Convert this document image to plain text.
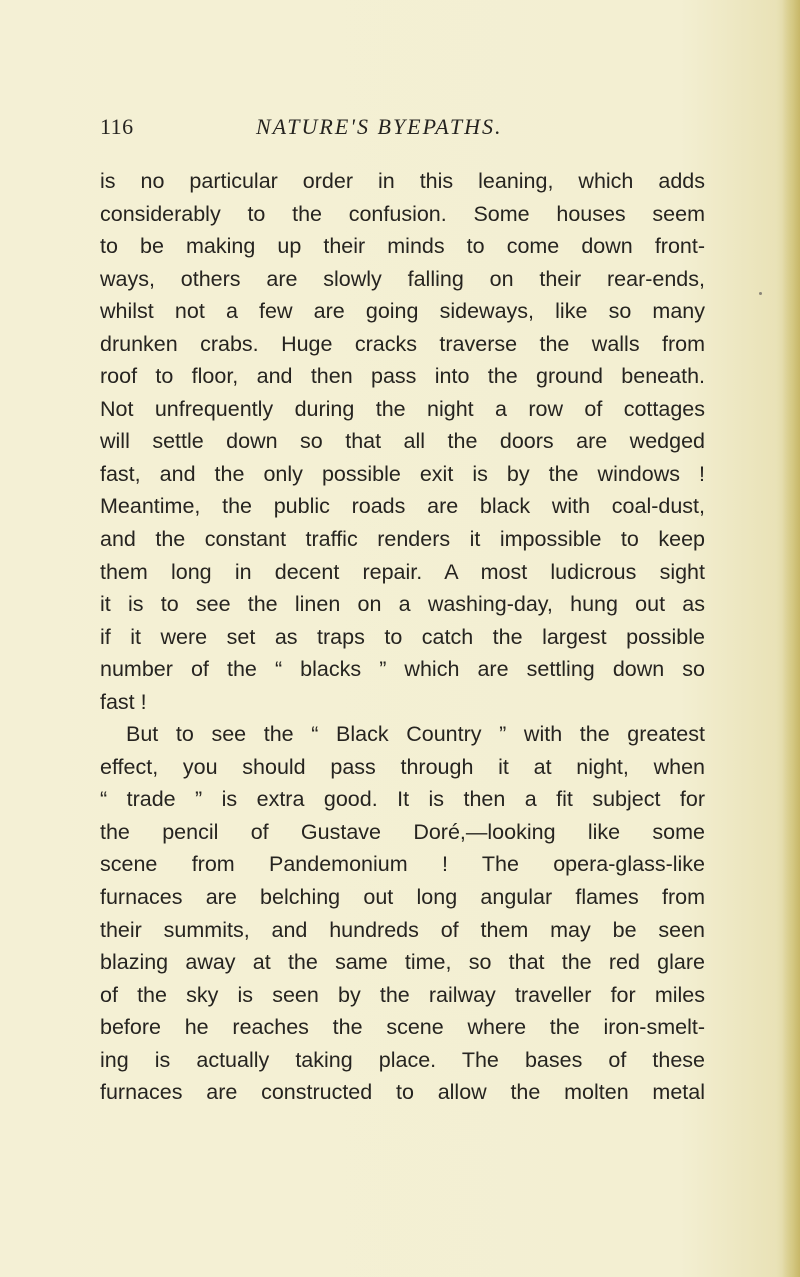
116	NATURE'S BYEPATHS.
is no particular order in this leaning, which adds
considerably to the confusion. Some houses seem
to be making up their minds to come down front-
ways, others are slowly falling on their rear-ends,
whilst not a few are going sideways, like so many
drunken crabs. Huge cracks traverse the walls from
roof to floor, and then pass into the ground beneath.
Not unfrequently during the night a row of cottages
will settle down so that all the doors are wedged
fast, and the only possible exit is by the windows !
Meantime, the public roads are black with coal-dust,
and the constant traffic renders it impossible to keep
them long in decent repair. A most ludicrous sight
it is to see the linen on a washing-day, hung out as
if it were set as traps to catch the largest possible
number of the “ blacks ” which are settling down so
fast !
But to see the “ Black Country ” with the greatest
effect, you should pass through it at night, when
“ trade ” is extra good. It is then a fit subject for
the pencil of Gustave Doré,—looking like some
scene from Pandemonium ! The opera-glass-like
furnaces are belching out long angular flames from
their summits, and hundreds of them may be seen
blazing away at the same time, so that the red glare
of the sky is seen by the railway traveller for miles
before he reaches the scene where the iron-smelt-
ing is actually taking place. The bases of these
furnaces are constructed to allow the molten metal
